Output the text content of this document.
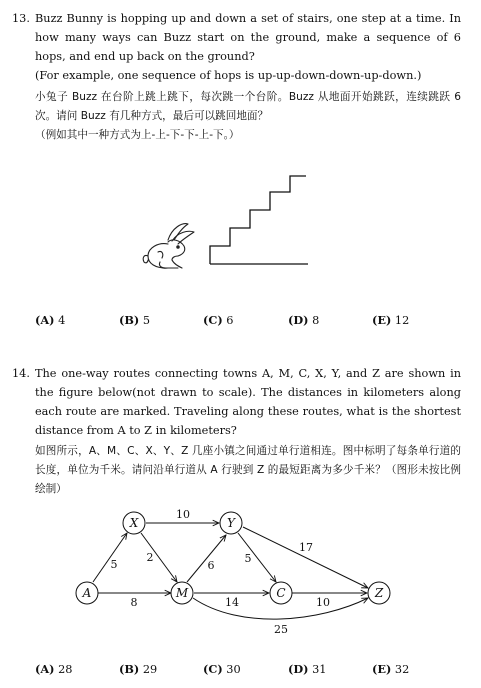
13. Buzz Bunny is hopping up and down a set of stairs, one step at a time. In how many ways can Buzz start on the ground, make a sequence of 6 hops, and end up back on the ground?
(For example, one sequence of hops is up-up-down-down-up-down.)
小兔子 Buzz 在台阶上跳上跳下，每次跳一个台阶。Buzz 从地面开始跳跃，连续跳跃 6 次。请问 Buzz 有几种方式，最后可以跳回地面？
（例如其中一种方式为上-上-下-下-上-下。）
(A) 4	(B) 5	(C) 6	(D) 8	(E) 12
14. The one-way routes connecting towns A, M, C, X, Y, and Z are shown in the figure below(not drawn to scale). The distances in kilometers along each route are marked. Traveling along these routes, what is the shortest distance from A to Z in kilometers?
如图所示，A、M、C、X、Y、Z 几座小镇之间通过单行道相连。图中标明了每条单行道的长度，单位为千米。请问沿单行道从 A 行驶到 Z 的最短距离为多少千米？（图形未按比例绘制）
A
X
M
Y
C	Z
5
8
2
10
6
14
5
17
10
25
(A) 28	(B) 29	(C) 30	(D) 31	(E) 32
